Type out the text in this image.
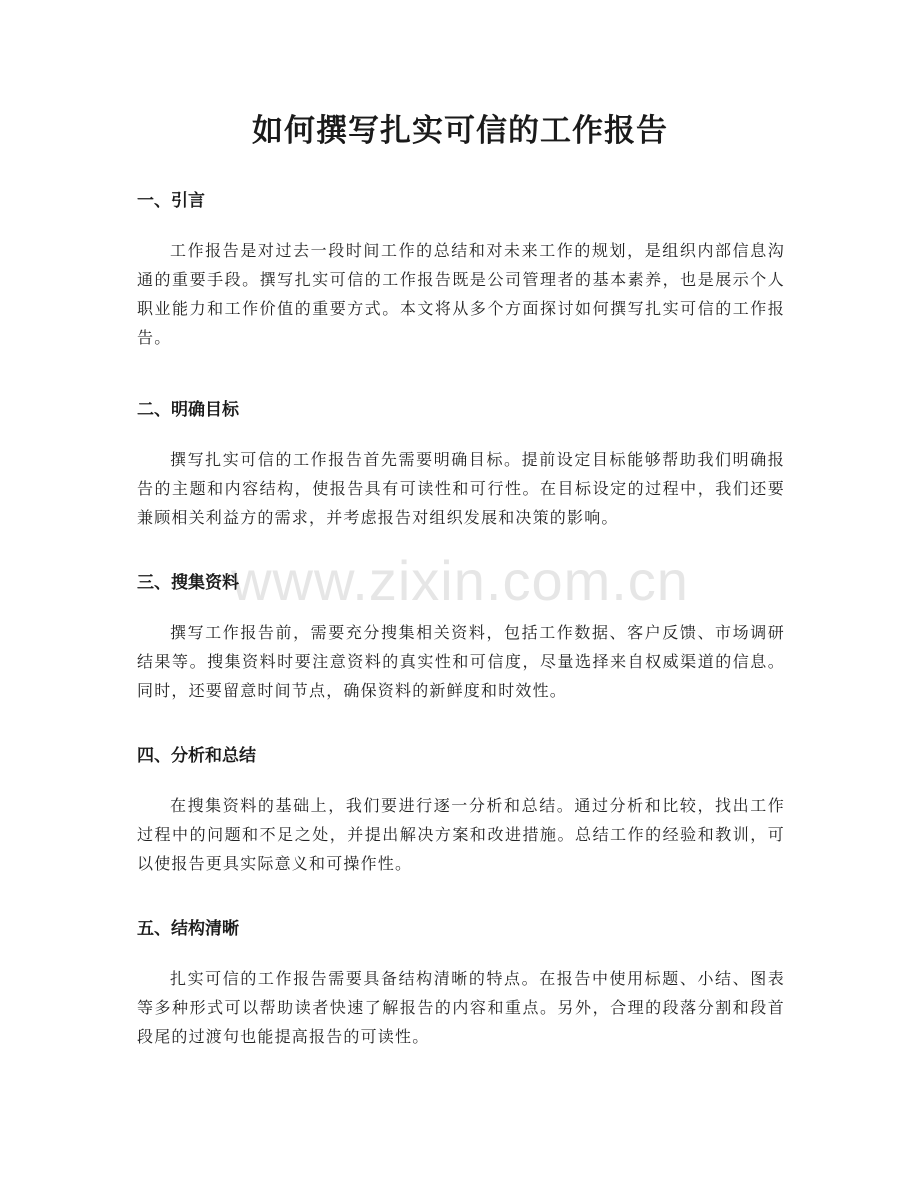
www.zixin.com.cn
如何撰写扎实可信的工作报告
一、引言

工作报告是对过去一段时间工作的总结和对未来工作的规划，是组织内部信息沟通的重要手段。撰写扎实可信的工作报告既是公司管理者的基本素养，也是展示个人职业能力和工作价值的重要方式。本文将从多个方面探讨如何撰写扎实可信的工作报告。

二、明确目标

撰写扎实可信的工作报告首先需要明确目标。提前设定目标能够帮助我们明确报告的主题和内容结构，使报告具有可读性和可行性。在目标设定的过程中，我们还要兼顾相关利益方的需求，并考虑报告对组织发展和决策的影响。

三、搜集资料

撰写工作报告前，需要充分搜集相关资料，包括工作数据、客户反馈、市场调研结果等。搜集资料时要注意资料的真实性和可信度，尽量选择来自权威渠道的信息。同时，还要留意时间节点，确保资料的新鲜度和时效性。

四、分析和总结

在搜集资料的基础上，我们要进行逐一分析和总结。通过分析和比较，找出工作过程中的问题和不足之处，并提出解决方案和改进措施。总结工作的经验和教训，可以使报告更具实际意义和可操作性。

五、结构清晰

扎实可信的工作报告需要具备结构清晰的特点。在报告中使用标题、小结、图表等多种形式可以帮助读者快速了解报告的内容和重点。另外，合理的段落分割和段首段尾的过渡句也能提高报告的可读性。
